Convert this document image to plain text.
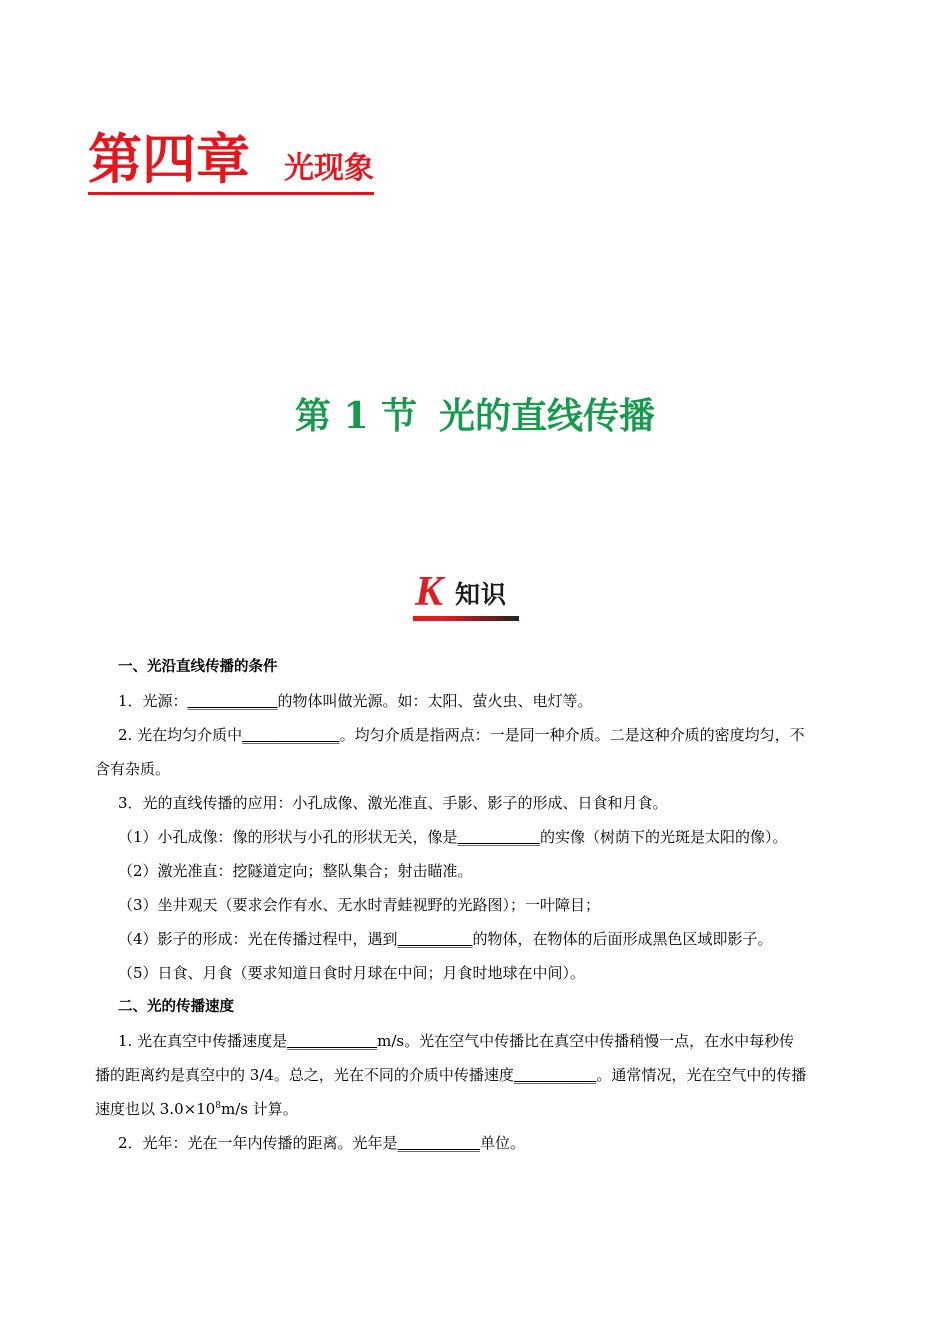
第四章 光现象
第 1 节 光的直线传播
K 知识

一、光沿直线传播的条件

1．光源：____________的物体叫做光源。如：太阳、萤火虫、电灯等。

2. 光在均匀介质中_____________。均匀介质是指两点：一是同一种介质。二是这种介质的密度均匀，不

含有杂质。

3．光的直线传播的应用：小孔成像、激光准直、手影、影子的形成、日食和月食。

（1）小孔成像：像的形状与小孔的形状无关，像是___________的实像（树荫下的光斑是太阳的像）。

（2）激光准直：挖隧道定向；整队集合；射击瞄准。

（3）坐井观天（要求会作有水、无水时青蛙视野的光路图）；一叶障目；

（4）影子的形成：光在传播过程中，遇到__________的物体，在物体的后面形成黑色区域即影子。

（5）日食、月食（要求知道日食时月球在中间；月食时地球在中间）。

二、光的传播速度

1. 光在真空中传播速度是____________m/s。光在空气中传播比在真空中传播稍慢一点，在水中每秒传

播的距离约是真空中的 3/4。总之，光在不同的介质中传播速度___________。通常情况，光在空气中的传播

速度也以 $3.0\times 10^8m/s$ 计算。

2．光年：光在一年内传播的距离。光年是___________单位。
